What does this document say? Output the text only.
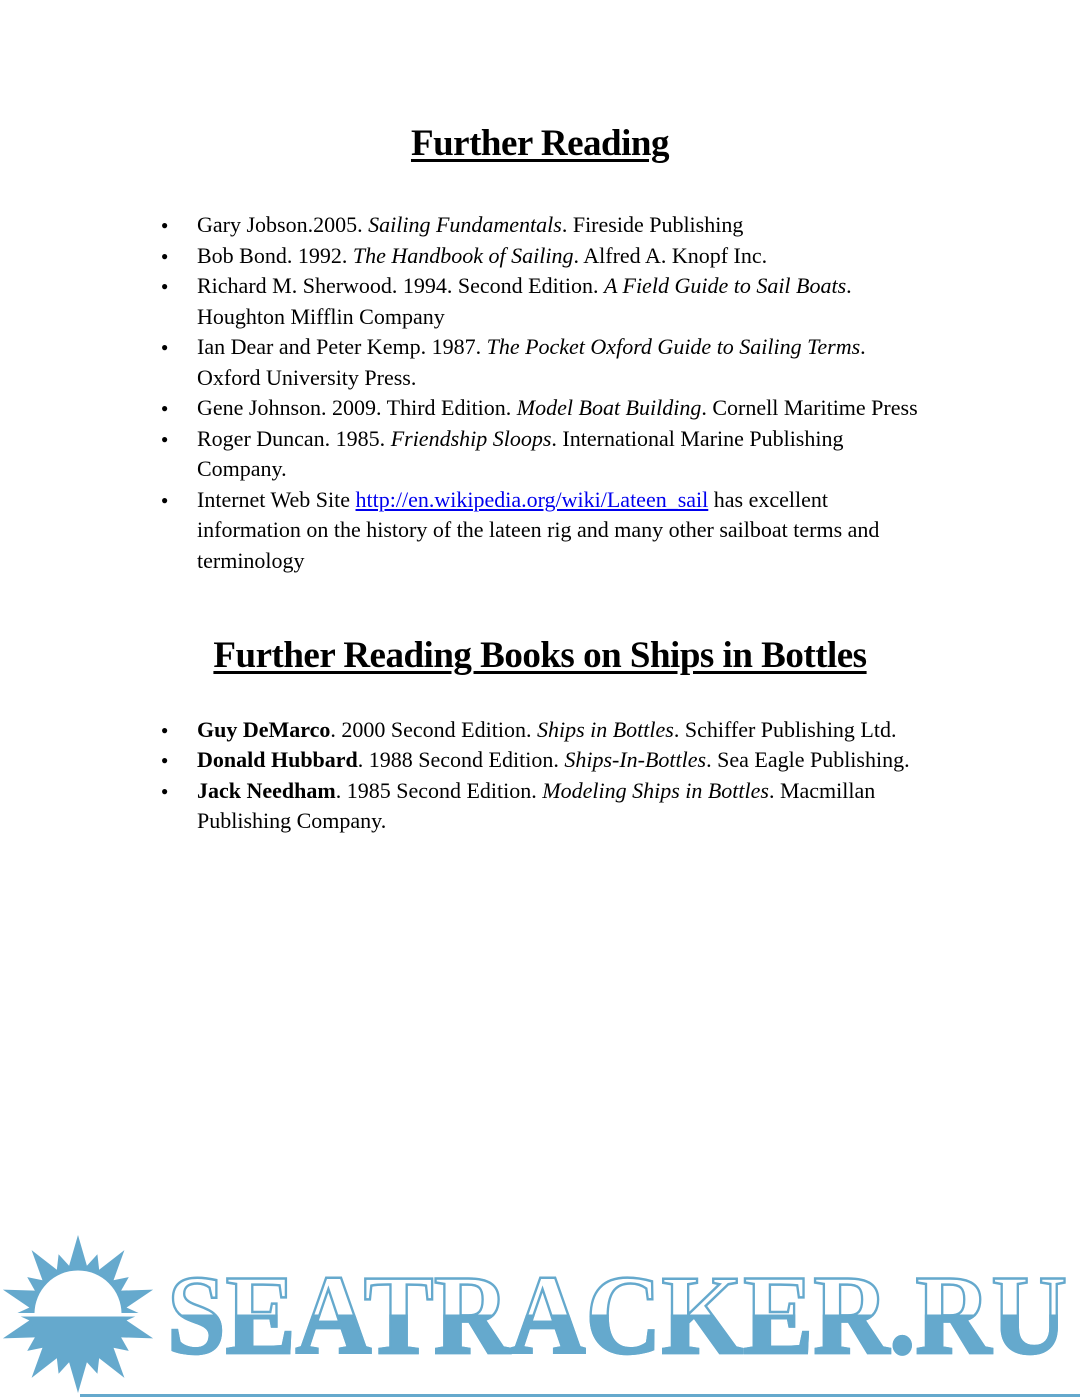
Further Reading
● Gary Jobson.2005. Sailing Fundamentals. Fireside Publishing
● Bob Bond. 1992. The Handbook of Sailing. Alfred A. Knopf Inc.
● Richard M. Sherwood. 1994. Second Edition. A Field Guide to Sail Boats. Houghton Mifflin Company
● Ian Dear and Peter Kemp. 1987. The Pocket Oxford Guide to Sailing Terms. Oxford University Press.
● Gene Johnson. 2009. Third Edition. Model Boat Building. Cornell Maritime Press
● Roger Duncan. 1985. Friendship Sloops. International Marine Publishing Company.
● Internet Web Site http://en.wikipedia.org/wiki/Lateen_sail has excellent information on the history of the lateen rig and many other sailboat terms and terminology
Further Reading Books on Ships in Bottles
● Guy DeMarco. 2000 Second Edition. Ships in Bottles. Schiffer Publishing Ltd.
● Donald Hubbard. 1988 Second Edition. Ships-In-Bottles. Sea Eagle Publishing.
● Jack Needham. 1985 Second Edition. Modeling Ships in Bottles. Macmillan Publishing Company.
SEATRACKER.RU
